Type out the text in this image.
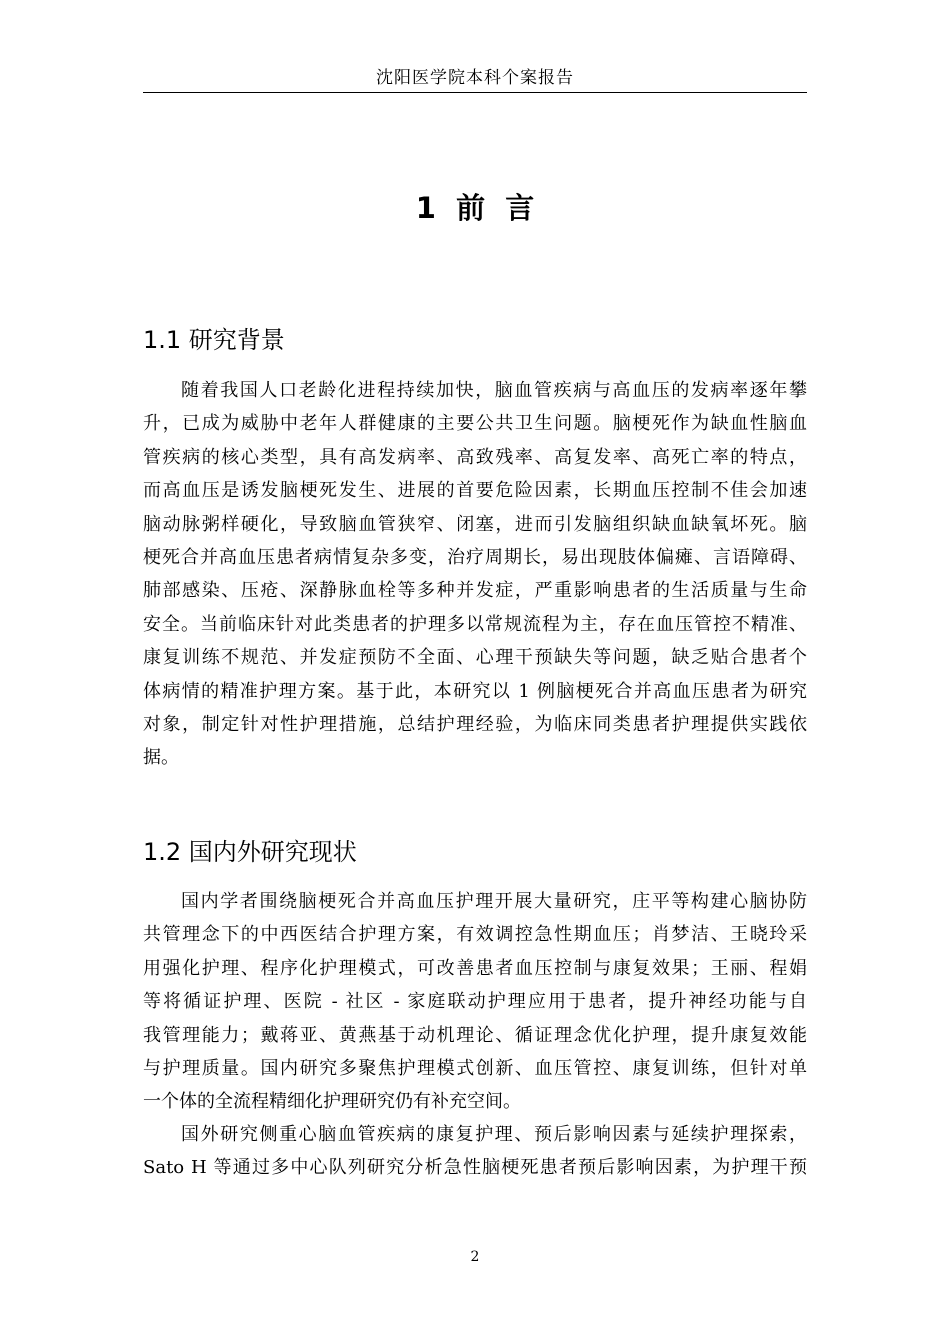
沈阳医学院本科个案报告
1  前  言
1.1 研究背景
随着我国人口老龄化进程持续加快，脑血管疾病与高血压的发病率逐年攀
升，已成为威胁中老年人群健康的主要公共卫生问题。脑梗死作为缺血性脑血
管疾病的核心类型，具有高发病率、高致残率、高复发率、高死亡率的特点，
而高血压是诱发脑梗死发生、进展的首要危险因素，长期血压控制不佳会加速
脑动脉粥样硬化，导致脑血管狭窄、闭塞，进而引发脑组织缺血缺氧坏死。脑
梗死合并高血压患者病情复杂多变，治疗周期长，易出现肢体偏瘫、言语障碍、
肺部感染、压疮、深静脉血栓等多种并发症，严重影响患者的生活质量与生命
安全。当前临床针对此类患者的护理多以常规流程为主，存在血压管控不精准、
康复训练不规范、并发症预防不全面、心理干预缺失等问题，缺乏贴合患者个
体病情的精准护理方案。基于此，本研究以 1 例脑梗死合并高血压患者为研究
对象，制定针对性护理措施，总结护理经验，为临床同类患者护理提供实践依
据。
1.2 国内外研究现状
国内学者围绕脑梗死合并高血压护理开展大量研究，庄平等构建心脑协防
共管理念下的中西医结合护理方案，有效调控急性期血压；肖梦洁、王晓玲采
用强化护理、程序化护理模式，可改善患者血压控制与康复效果；王丽、程娟
等将循证护理、医院 - 社区 - 家庭联动护理应用于患者，提升神经功能与自
我管理能力；戴蒋亚、黄燕基于动机理论、循证理念优化护理，提升康复效能
与护理质量。国内研究多聚焦护理模式创新、血压管控、康复训练，但针对单
一个体的全流程精细化护理研究仍有补充空间。
国外研究侧重心脑血管疾病的康复护理、预后影响因素与延续护理探索，
Sato H 等通过多中心队列研究分析急性脑梗死患者预后影响因素，为护理干预
2
